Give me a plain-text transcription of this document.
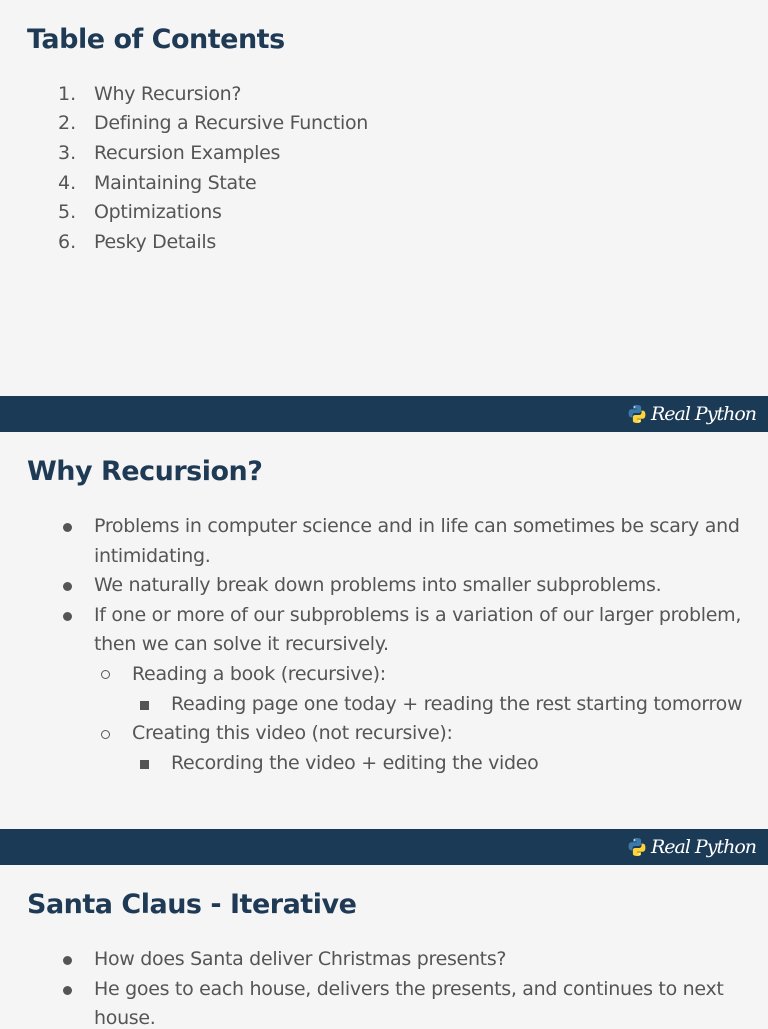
Table of Contents
1. Why Recursion?
2. Defining a Recursive Function
3. Recursion Examples
4. Maintaining State
5. Optimizations
6. Pesky Details
Real Python
Why Recursion?
Problems in computer science and in life can sometimes be scary and
intimidating.
We naturally break down problems into smaller subproblems.
If one or more of our subproblems is a variation of our larger problem,
then we can solve it recursively.
Reading a book (recursive):
Reading page one today + reading the rest starting tomorrow
Creating this video (not recursive):
Recording the video + editing the video
Real Python
Santa Claus - Iterative
How does Santa deliver Christmas presents?
He goes to each house, delivers the presents, and continues to next
house.
